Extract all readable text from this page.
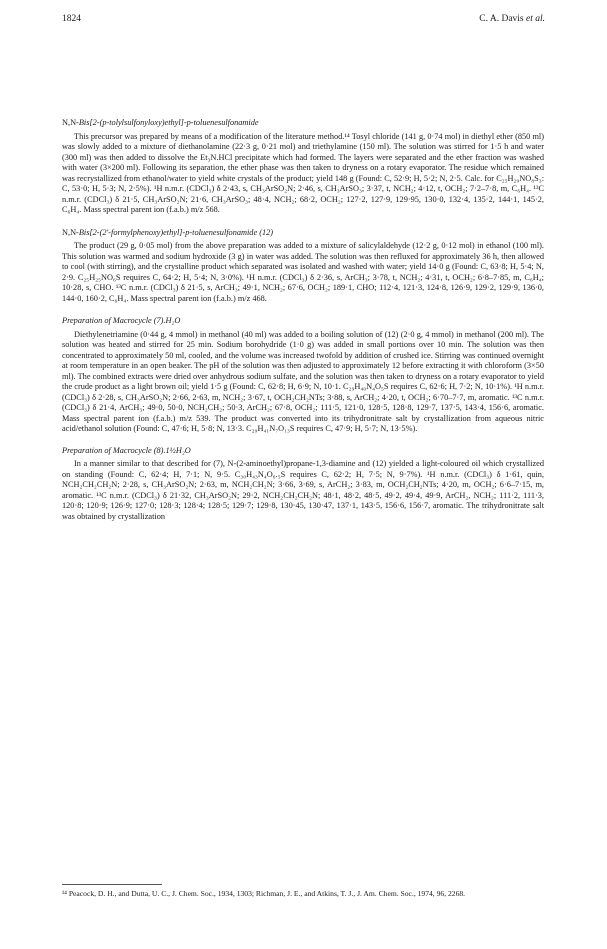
1824	C. A. Davis et al.
N,N-Bis[2-(p-tolylsulfonyloxy)ethyl]-p-toluenesulfonamide

This precursor was prepared by means of a modification of the literature method.¹⁴ Tosyl chloride (141 g, 0·74 mol) in diethyl ether (850 ml) was slowly added to a mixture of diethanolamine (22·3 g, 0·21 mol) and triethylamine (150 ml). The solution was stirred for 1·5 h and water (300 ml) was then added to dissolve the Et₃N.HCl precipitate which had formed. The layers were separated and the ether fraction was washed with water (3×200 ml). Following its separation, the ether phase was then taken to dryness on a rotary evaporator. The residue which remained was recrystallized from ethanol/water to yield white crystals of the product; yield 148 g (Found: C, 52·9; H, 5·2; N, 2·5. Calc. for C₂₅H₂₉NO₈S₃: C, 53·0; H, 5·3; N, 2·5%). ¹H n.m.r. (CDCl₃) δ 2·43, s, CH₃ArSO₂N; 2·46, s, CH₃ArSO₃; 3·37, t, NCH₂; 4·12, t, OCH₂; 7·2–7·8, m, C₆H₄. ¹³C n.m.r. (CDCl₃) δ 21·5, CH₃ArSO₂N; 21·6, CH₃ArSO₃; 48·4, NCH₂; 68·2, OCH₂; 127·2, 127·9, 129·95, 130·0, 132·4, 135·2, 144·1, 145·2, C₆H₄. Mass spectral parent ion (f.a.b.) m/z 568.

N,N-Bis[2-(2′-formylphenoxy)ethyl]-p-toluenesulfonamide (12)

The product (29 g, 0·05 mol) from the above preparation was added to a mixture of salicylaldehyde (12·2 g, 0·12 mol) in ethanol (100 ml). This solution was warmed and sodium hydroxide (3 g) in water was added. The solution was then refluxed for approximately 36 h, then allowed to cool (with stirring), and the crystalline product which separated was isolated and washed with water; yield 14·0 g (Found: C, 63·8; H, 5·4; N, 2·9. C₂₅H₂₅NO₆S requires C, 64·2; H, 5·4; N, 3·0%). ¹H n.m.r. (CDCl₃) δ 2·36, s, ArCH₃; 3·78, t, NCH₂; 4·31, t, OCH₂; 6·8–7·85, m, C₆H₄; 10·28, s, CHO. ¹³C n.m.r. (CDCl₃) δ 21·5, s, ArCH₃; 49·1, NCH₂; 67·6, OCH₂; 189·1, CHO; 112·4, 121·3, 124·8, 126·9, 129·2, 129·9, 136·0, 144·0, 160·2, C₆H₄. Mass spectral parent ion (f.a.b.) m/z 468.

Preparation of Macrocycle (7).H₂O

Diethylenetriamine (0·44 g, 4 mmol) in methanol (40 ml) was added to a boiling solution of (12) (2·0 g, 4 mmol) in methanol (200 ml). The solution was heated and stirred for 25 min. Sodium borohydride (1·0 g) was added in small portions over 10 min. The solution was then concentrated to approximately 50 ml, cooled, and the volume was increased twofold by addition of crushed ice. Stirring was continued overnight at room temperature in an open beaker. The pH of the solution was then adjusted to approximately 12 before extracting it with chloroform (3×50 ml). The combined extracts were dried over anhydrous sodium sulfate, and the solution was then taken to dryness on a rotary evaporator to yield the crude product as a light brown oil; yield 1·5 g (Found: C, 62·8; H, 6·9; N, 10·1. C₂₉H₄₀N₄O₅S requires C, 62·6; H, 7·2; N, 10·1%). ¹H n.m.r. (CDCl₃) δ 2·28, s, CH₃ArSO₂N; 2·66, 2·63, m, NCH₂; 3·67, t, OCH₂CH₂NTs; 3·88, s, ArCH₂; 4·20, t, OCH₂; 6·70–7·7, m, aromatic. ¹³C n.m.r. (CDCl₃) δ 21·4, ArCH₃; 49·0, 50·0, NCH₂CH₂; 50·3, ArCH₂; 67·8, OCH₂; 111·5, 121·0, 128·5, 128·8, 129·7, 137·5, 143·4, 156·6, aromatic. Mass spectral parent ion (f.a.b.) m/z 539. The product was converted into its trihydronitrate salt by crystallization from aqueous nitric acid/ethanol solution (Found: C, 47·6; H, 5·8; N, 13·3. C₂₉H₄₁N₇O₁₃S requires C, 47·9; H, 5·7; N, 13·5%).

Preparation of Macrocycle (8).1½H₂O

In a manner similar to that described for (7), N-(2-aminoethyl)propane-1,3-diamine and (12) yielded a light-coloured oil which crystallized on standing (Found: C, 62·4; H, 7·1; N, 9·5. C₃₀H₄₃N₄O₆.₅S requires C, 62·2; H, 7·5; N, 9·7%). ¹H n.m.r. (CDCl₃) δ 1·61, quin, NCH₂CH₂CH₂N; 2·28, s, CH₃ArSO₂N; 2·63, m, NCH₂CH₂N; 3·66, 3·69, s, ArCH₂; 3·83, m, OCH₂CH₂NTs; 4·20, m, OCH₂; 6·6–7·15, m, aromatic. ¹³C n.m.r. (CDCl₃) δ 21·32, CH₃ArSO₂N; 29·2, NCH₂CH₂CH₂N; 48·1, 48·2, 48·5, 49·2, 49·4, 49·9, ArCH₂, NCH₂; 111·2, 111·3, 120·8; 120·9; 126·9; 127·0; 128·3; 128·4; 128·5; 129·7; 129·8, 130·45, 130·47, 137·1, 143·5, 156·6, 156·7, aromatic. The trihydronitrate salt was obtained by crystallization

¹⁴ Peacock, D. H., and Dutta, U. C., J. Chem. Soc., 1934, 1303; Richman, J. E., and Atkins, T. J., J. Am. Chem. Soc., 1974, 96, 2268.
